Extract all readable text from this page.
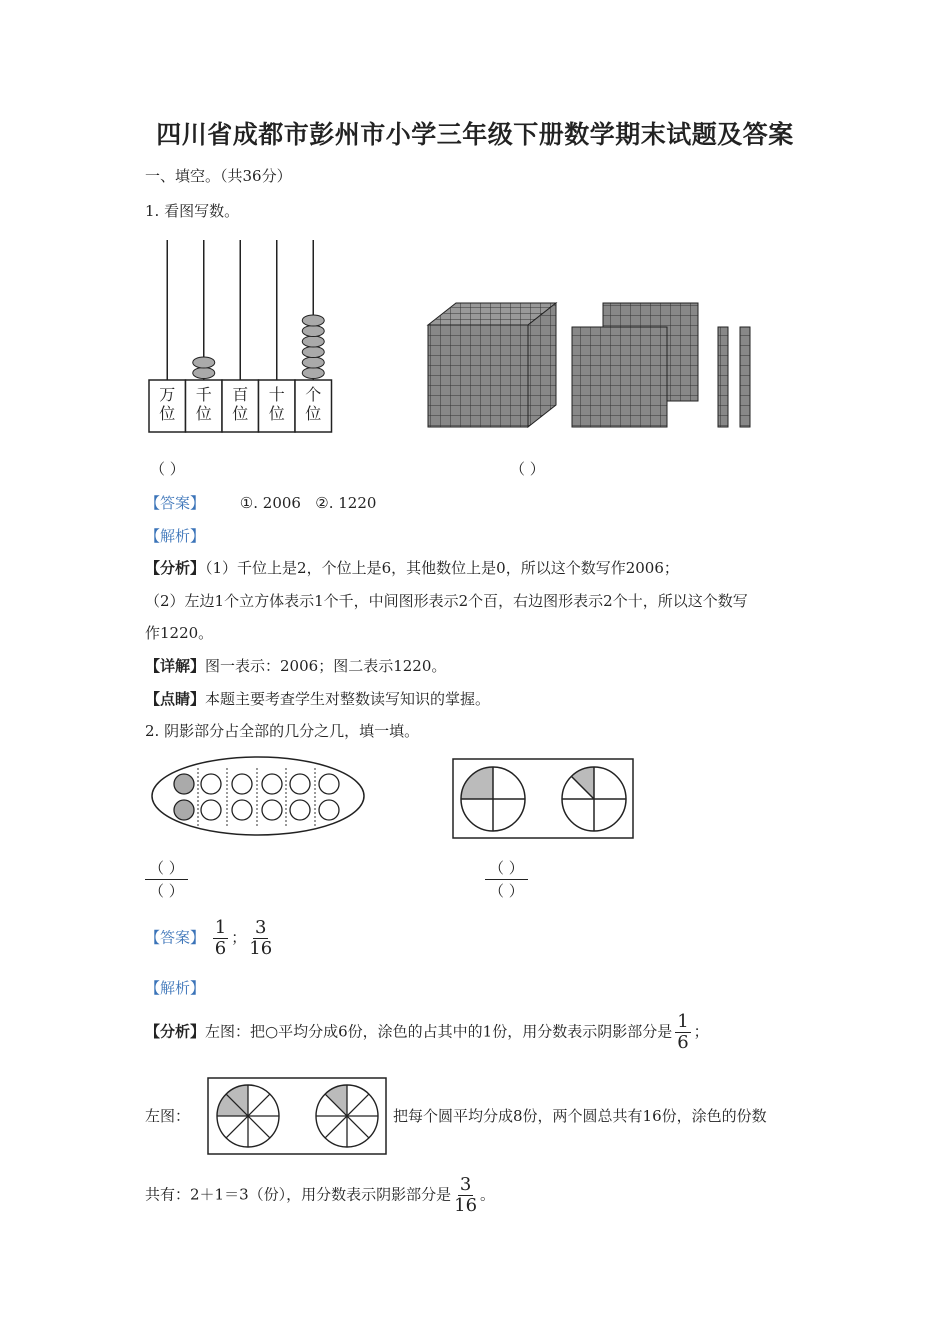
四川省成都市彭州市小学三年级下册数学期末试题及答案
一、填空。（共36分）
1. 看图写数。
万
位
千
位
百
位
十
位
个
位
（ ）	（ ）
【答案】 ①. 2006   ②. 1220
【解析】
【分析】（1）千位上是2，个位上是6，其他数位上是0，所以这个数写作2006；
（2）左边1个立方体表示1个千，中间图形表示2个百，右边图形表示2个十，所以这个数写
作1220。
【详解】图一表示：2006；图二表示1220。
【点睛】本题主要考查学生对整数读写知识的掌握。
2. 阴影部分占全部的几分之几，填一填。
（ ）
（ ）
（ ）
（ ）
【答案】 $\frac{1}{6}$ ； $\frac{3}{16}$
【解析】
【分析】左图：把○平均分成6份，涂色的占其中的1份，用分数表示阴影部分是 $\frac{1}{6}$ ；
左图：	把每个圆平均分成8份，两个圆总共有16份，涂色的份数
共有：2＋1＝3（份），用分数表示阴影部分是 $\frac{3}{16}$ 。
